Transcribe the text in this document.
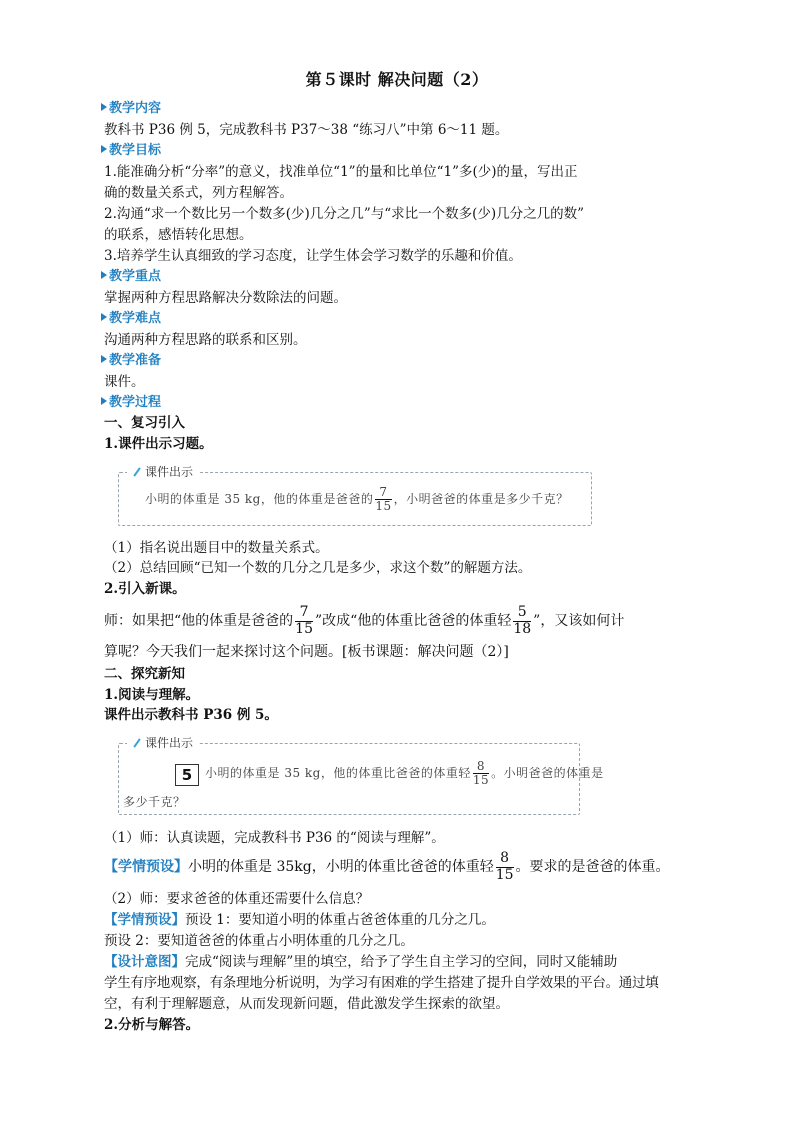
第５课时 解决问题（2）
教学内容
教科书 P36 例 5，完成教科书 P37～38 “练习八”中第 6～11 题。
教学目标
1.能准确分析“分率”的意义，找准单位“1”的量和比单位“1”多(少)的量，写出正
确的数量关系式，列方程解答。
2.沟通“求一个数比另一个数多(少)几分之几”与“求比一个数多(少)几分之几的数”
的联系，感悟转化思想。
3.培养学生认真细致的学习态度，让学生体会学习数学的乐趣和价值。
教学重点
掌握两种方程思路解决分数除法的问题。
教学难点
沟通两种方程思路的联系和区别。
教学准备
课件。
教学过程
一、复习引入
1.课件出示习题。
课件出示
小明的体重是 35 kg，他的体重是爸爸的 $\frac{7}{15}$ ，小明爸爸的体重是多少千克？
（1）指名说出题目中的数量关系式。
（2）总结回顾“已知一个数的几分之几是多少，求这个数”的解题方法。
2.引入新课。
师：如果把“他的体重是爸爸的 $\frac{7}{15}$ ”改成“他的体重比爸爸的体重轻 $\frac{5}{18}$ ”，又该如何计
算呢？今天我们一起来探讨这个问题。[板书课题：解决问题（2）]
二、探究新知
1.阅读与理解。
课件出示教科书 P36 例 5。
课件出示
5	小明的体重是 35 kg，他的体重比爸爸的体重轻 $\frac{8}{15}$ 。小明爸爸的体重是
多少千克？
（1）师：认真读题，完成教科书 P36 的“阅读与理解”。
【学情预设】小明的体重是 35kg，小明的体重比爸爸的体重轻 $\frac{8}{15}$ 。要求的是爸爸的体重。
（2）师：要求爸爸的体重还需要什么信息？
【学情预设】预设 1：要知道小明的体重占爸爸体重的几分之几。
预设 2：要知道爸爸的体重占小明体重的几分之几。
【设计意图】完成“阅读与理解”里的填空，给予了学生自主学习的空间，同时又能辅助
学生有序地观察，有条理地分析说明，为学习有困难的学生搭建了提升自学效果的平台。通过填
空，有利于理解题意，从而发现新问题，借此激发学生探索的欲望。
2.分析与解答。
